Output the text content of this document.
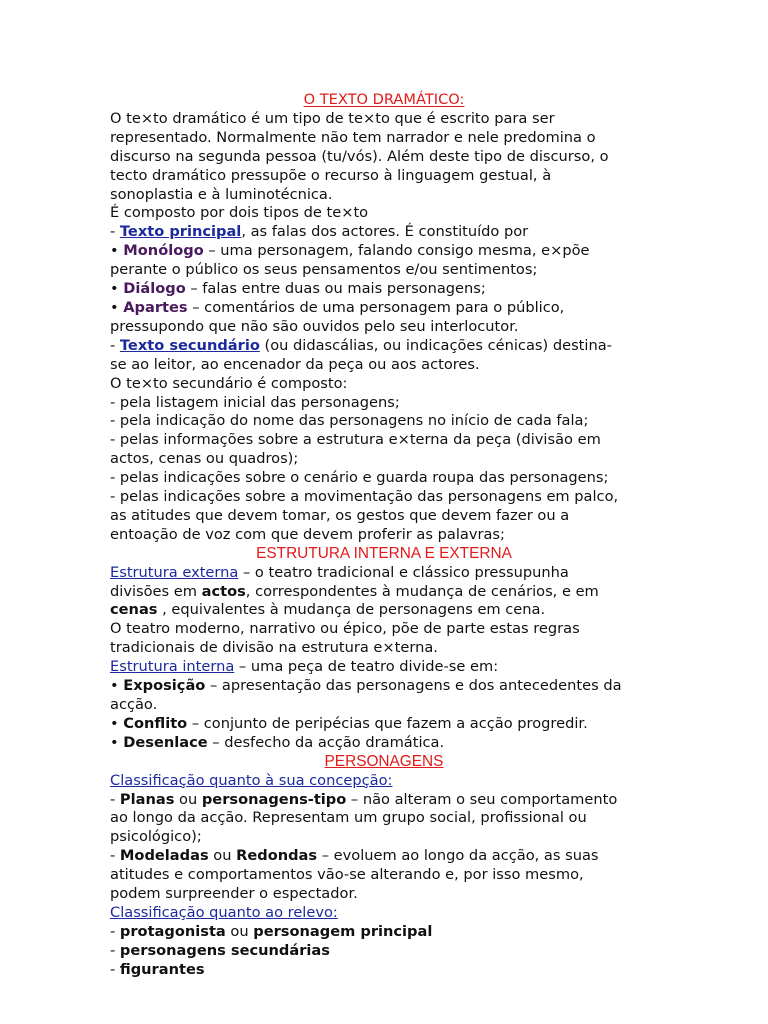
O TEXTO DRAMÁTICO:
O te×to dramático é um tipo de te×to que é escrito para ser
representado. Normalmente não tem narrador e nele predomina o
discurso na segunda pessoa (tu/vós). Além deste tipo de discurso, o
tecto dramático pressupõe o recurso à linguagem gestual, à
sonoplastia e à luminotécnica.
É composto por dois tipos de te×to
- Texto principal, as falas dos actores. É constituído por
• Monólogo – uma personagem, falando consigo mesma, e×põe
perante o público os seus pensamentos e/ou sentimentos;
• Diálogo – falas entre duas ou mais personagens;
• Apartes – comentários de uma personagem para o público,
pressupondo que não são ouvidos pelo seu interlocutor.
- Texto secundário (ou didascálias, ou indicações cénicas) destina-
se ao leitor, ao encenador da peça ou aos actores.
O te×to secundário é composto:
- pela listagem inicial das personagens;
- pela indicação do nome das personagens no início de cada fala;
- pelas informações sobre a estrutura e×terna da peça (divisão em
actos, cenas ou quadros);
- pelas indicações sobre o cenário e guarda roupa das personagens;
- pelas indicações sobre a movimentação das personagens em palco,
as atitudes que devem tomar, os gestos que devem fazer ou a
entoação de voz com que devem proferir as palavras;
ESTRUTURA INTERNA E EXTERNA
Estrutura externa – o teatro tradicional e clássico pressupunha
divisões em actos, correspondentes à mudança de cenários, e em
cenas , equivalentes à mudança de personagens em cena.
O teatro moderno, narrativo ou épico, põe de parte estas regras
tradicionais de divisão na estrutura e×terna.
Estrutura interna – uma peça de teatro divide-se em:
• Exposição – apresentação das personagens e dos antecedentes da
acção.
• Conflito – conjunto de peripécias que fazem a acção progredir.
• Desenlace – desfecho da acção dramática.
PERSONAGENS
Classificação quanto à sua concepção:
- Planas ou personagens-tipo – não alteram o seu comportamento
ao longo da acção. Representam um grupo social, profissional ou
psicológico);
- Modeladas ou Redondas – evoluem ao longo da acção, as suas
atitudes e comportamentos vão-se alterando e, por isso mesmo,
podem surpreender o espectador.
Classificação quanto ao relevo:
- protagonista ou personagem principal
- personagens secundárias
- figurantes
